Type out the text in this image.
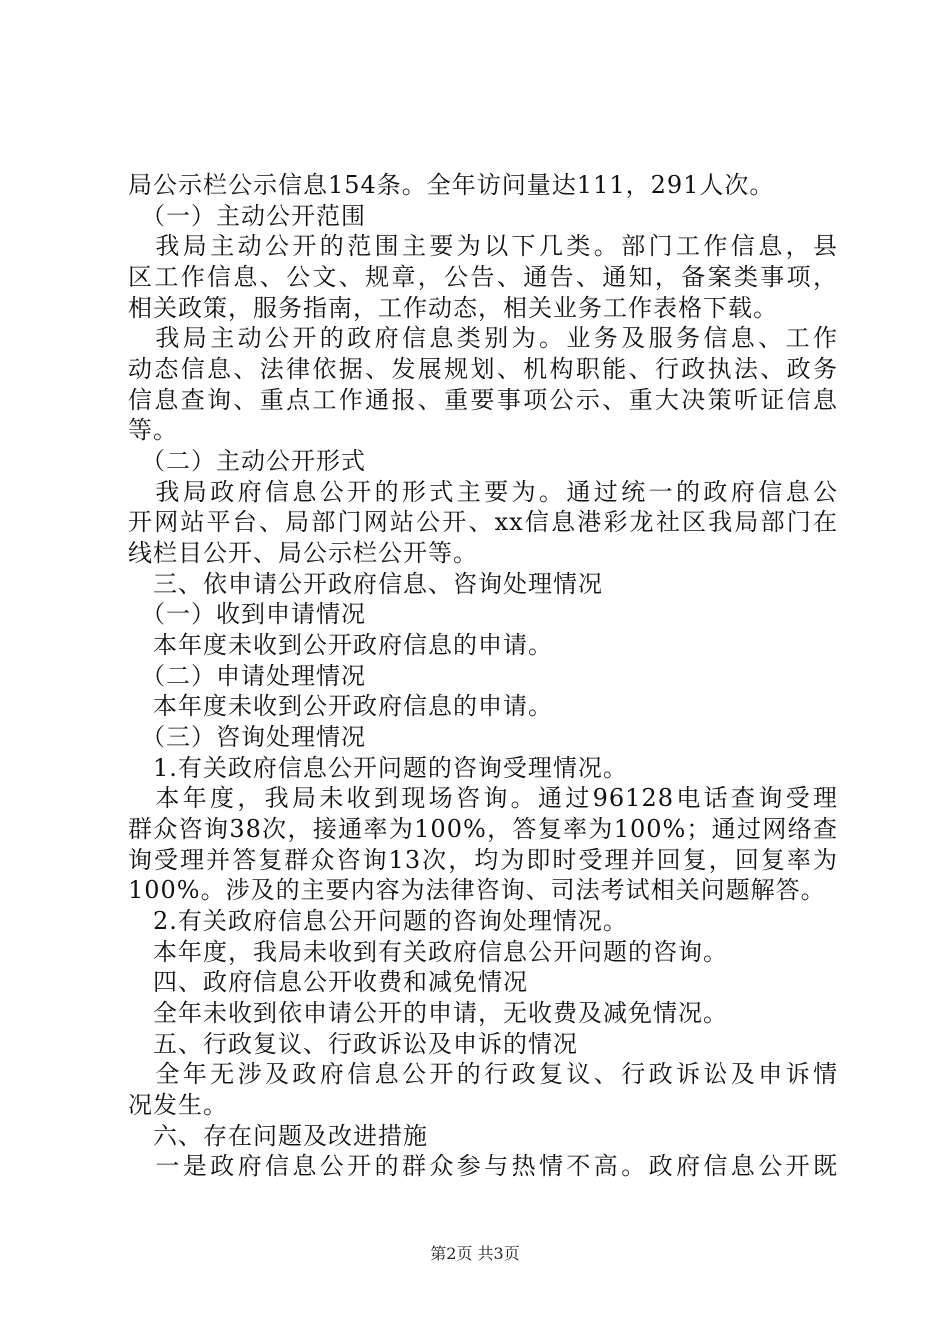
局公示栏公示信息154条。全年访问量达111，291人次。
　（一）主动公开范围
　我局主动公开的范围主要为以下几类。部门工作信息，县
区工作信息、公文、规章，公告、通告、通知，备案类事项，
相关政策，服务指南，工作动态，相关业务工作表格下载。
　我局主动公开的政府信息类别为。业务及服务信息、工作
动态信息、法律依据、发展规划、机构职能、行政执法、政务
信息查询、重点工作通报、重要事项公示、重大决策听证信息
等。
　（二）主动公开形式
　我局政府信息公开的形式主要为。通过统一的政府信息公
开网站平台、局部门网站公开、xx信息港彩龙社区我局部门在
线栏目公开、局公示栏公开等。
　三、依申请公开政府信息、咨询处理情况
　（一）收到申请情况
　本年度未收到公开政府信息的申请。
　（二）申请处理情况
　本年度未收到公开政府信息的申请。
　（三）咨询处理情况
　1.有关政府信息公开问题的咨询受理情况。
　本年度，我局未收到现场咨询。通过96128电话查询受理
群众咨询38次，接通率为100%，答复率为100%；通过网络查
询受理并答复群众咨询13次，均为即时受理并回复，回复率为
100%。涉及的主要内容为法律咨询、司法考试相关问题解答。
　2.有关政府信息公开问题的咨询处理情况。
　本年度，我局未收到有关政府信息公开问题的咨询。
　四、政府信息公开收费和减免情况
　全年未收到依申请公开的申请，无收费及减免情况。
　五、行政复议、行政诉讼及申诉的情况
　全年无涉及政府信息公开的行政复议、行政诉讼及申诉情
况发生。
　六、存在问题及改进措施
　一是政府信息公开的群众参与热情不高。政府信息公开既
第2页 共3页
